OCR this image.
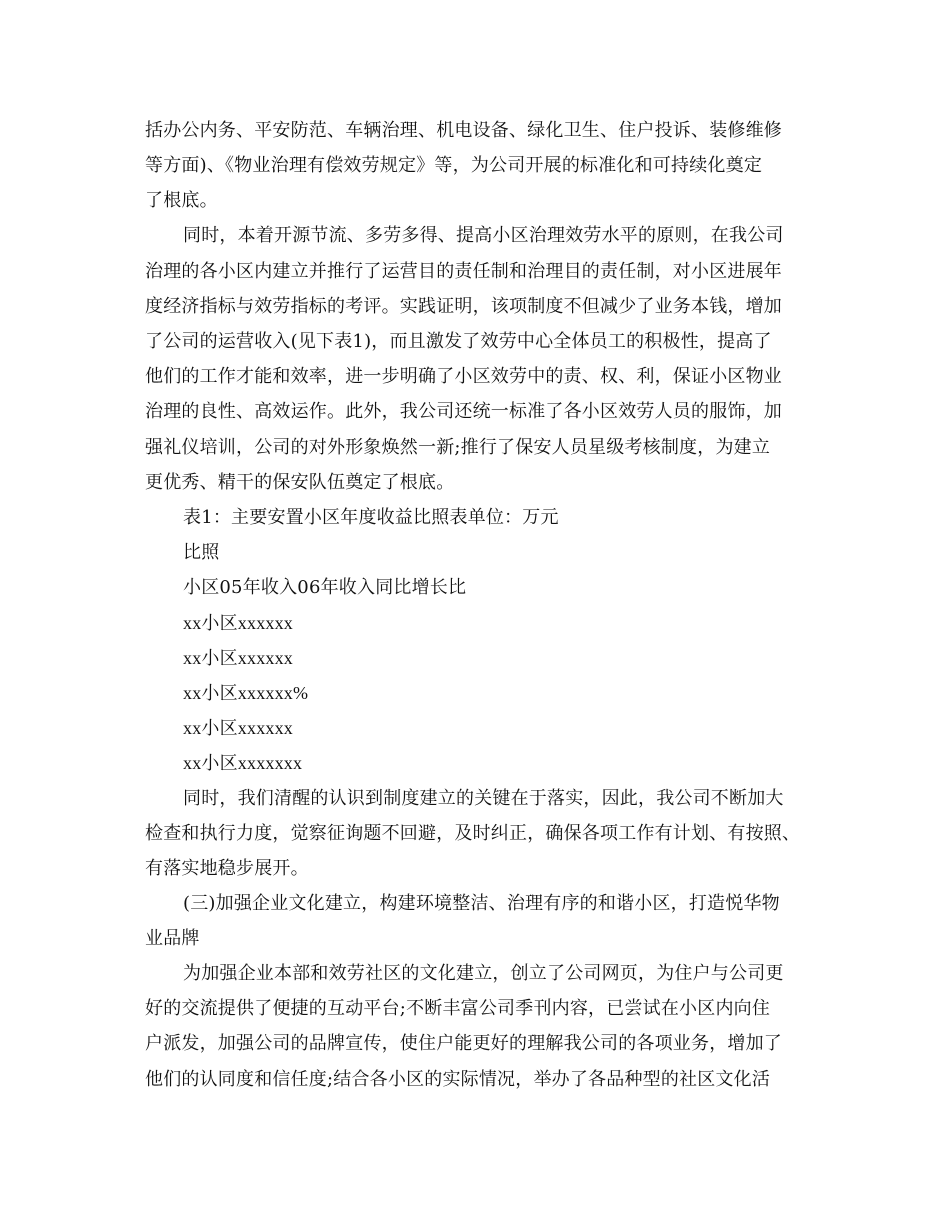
括办公内务、平安防范、车辆治理、机电设备、绿化卫生、住户投诉、装修维修
等方面)、《物业治理有偿效劳规定》等，为公司开展的标准化和可持续化奠定
了根底。
同时，本着开源节流、多劳多得、提高小区治理效劳水平的原则，在我公司
治理的各小区内建立并推行了运营目的责任制和治理目的责任制，对小区进展年
度经济指标与效劳指标的考评。实践证明，该项制度不但减少了业务本钱，增加
了公司的运营收入(见下表1)，而且激发了效劳中心全体员工的积极性，提高了
他们的工作才能和效率，进一步明确了小区效劳中的责、权、利，保证小区物业
治理的良性、高效运作。此外，我公司还统一标准了各小区效劳人员的服饰，加
强礼仪培训，公司的对外形象焕然一新;推行了保安人员星级考核制度，为建立
更优秀、精干的保安队伍奠定了根底。
表1：主要安置小区年度收益比照表单位：万元
比照
小区05年收入06年收入同比增长比
xx小区xxxxxx
xx小区xxxxxx
xx小区xxxxxx%
xx小区xxxxxx
xx小区xxxxxxx
同时，我们清醒的认识到制度建立的关键在于落实，因此，我公司不断加大
检查和执行力度，觉察征询题不回避，及时纠正，确保各项工作有计划、有按照、
有落实地稳步展开。
(三)加强企业文化建立，构建环境整洁、治理有序的和谐小区，打造悦华物
业品牌
为加强企业本部和效劳社区的文化建立，创立了公司网页，为住户与公司更
好的交流提供了便捷的互动平台;不断丰富公司季刊内容，已尝试在小区内向住
户派发，加强公司的品牌宣传，使住户能更好的理解我公司的各项业务，增加了
他们的认同度和信任度;结合各小区的实际情况，举办了各品种型的社区文化活
